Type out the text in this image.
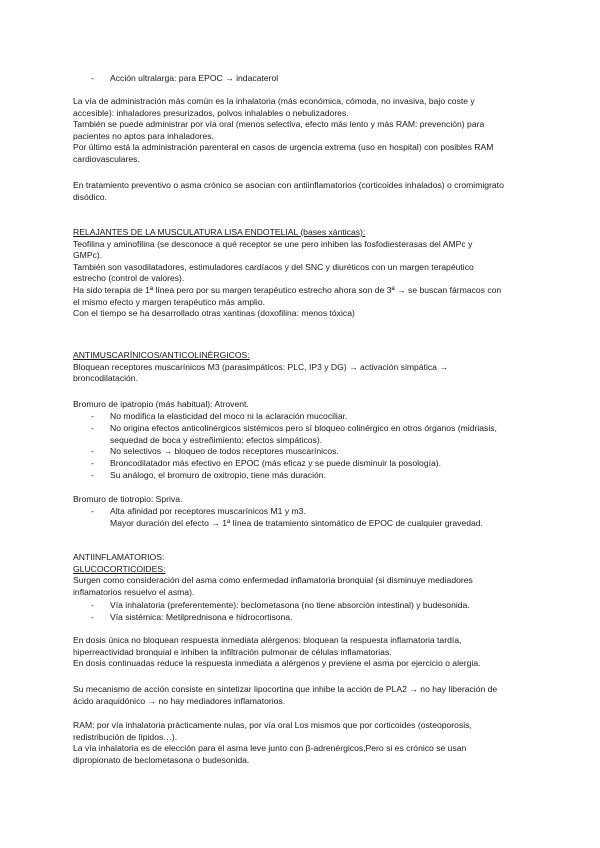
- Acción ultralarga: para EPOC → indacaterol
La vía de administración más común es la inhalatoria (más económica, cómoda, no invasiva, bajo coste y
accesible): inhaladores presurizados, polvos inhalables o nebulizadores.
También se puede administrar por vía oral (menos selectiva, efecto más lento y más RAM: prevención) para
pacientes no aptos para inhaladores.
Por último está la administración parenteral en casos de urgencia extrema (uso en hospital) con posibles RAM
cardiovasculares.
En tratamiento preventivo o asma crónico se asocian con antiinflamatorios (corticoides inhalados) o cromimigrato
disódico.
RELAJANTES DE LA MUSCULATURA LISA ENDOTELIAL (bases xánticas):
Teofilina y aminofilina (se desconoce a qué receptor se une pero inhiben las fosfodiesterasas del AMPc y
GMPc).
También son vasodilatadores, estimuladores cardíacos y del SNC y diuréticos con un margen terapéutico
estrecho (control de valores).
Ha sido terapia de 1ª línea pero por su margen terapéutico estrecho ahora son de 3ª → se buscan fármacos con
el mismo efecto y margen terapéutico más amplio.
Con el tiempo se ha desarrollado otras xantinas (doxofilina: menos tóxica)
ANTIMUSCARÍNICOS/ANTICOLINÉRGICOS:
Bloquean receptores muscarínicos M3 (parasimpáticos: PLC, IP3 y DG) → activación simpática →
broncodilatación.
Bromuro de ipatropio (más habitual): Atrovent.
- No modifica la elasticidad del moco ni la aclaración mucociliar.
- No origina efectos anticolinérgicos sistémicos pero sí bloqueo colinérgico en otros órganos (midriasis,
sequedad de boca y estreñimiento: efectos simpáticos).
- No selectivos → bloqueo de todos receptores muscarínicos.
- Broncodilatador más efectivo en EPOC (más eficaz y se puede disminuir la posología).
- Su análogo, el bromuro de oxitropio, tiene más duración.
Bromuro de tiotropio: Spriva.
- Alta afinidad por receptores muscarínicos M1 y m3.
Mayor duración del efecto → 1ª línea de tratamiento sintomático de EPOC de cualquier gravedad.
ANTIINFLAMATORIOS:
GLUCOCORTICOIDES:
Surgen como consideración del asma como enfermedad inflamatoria bronquial (si disminuye mediadores
inflamatorios resuelvo el asma).
- Vía inhalatoria (preferentemente): beclometasona (no tiene absorción intestinal) y budesonida.
- Vía sistémica: Metilprednisona e hidrocortisona.
En dosis única no bloquean respuesta inmediata alérgenos: bloquean la respuesta inflamatoria tardía,
hiperreactividad bronquial e inhiben la infiltración pulmonar de células inflamatorias.
En dosis continuadas reduce la respuesta inmediata a alérgenos y previene el asma por ejercicio o alergia.
Su mecanismo de acción consiste en sintetizar lipocortina que inhibe la acción de PLA2 → no hay liberación de
ácido araquidónico → no hay mediadores inflamatorios.
RAM: por vía inhalatoria prácticamente nulas, por vía oral Los mismos que por corticoides (osteoporosis,
redistribución de lípidos…).
La vía inhalatoria es de elección para el asma leve junto con β-adrenérgicos,Pero si es crónico se usan
dipropionato de beclometasona o budesonida.
